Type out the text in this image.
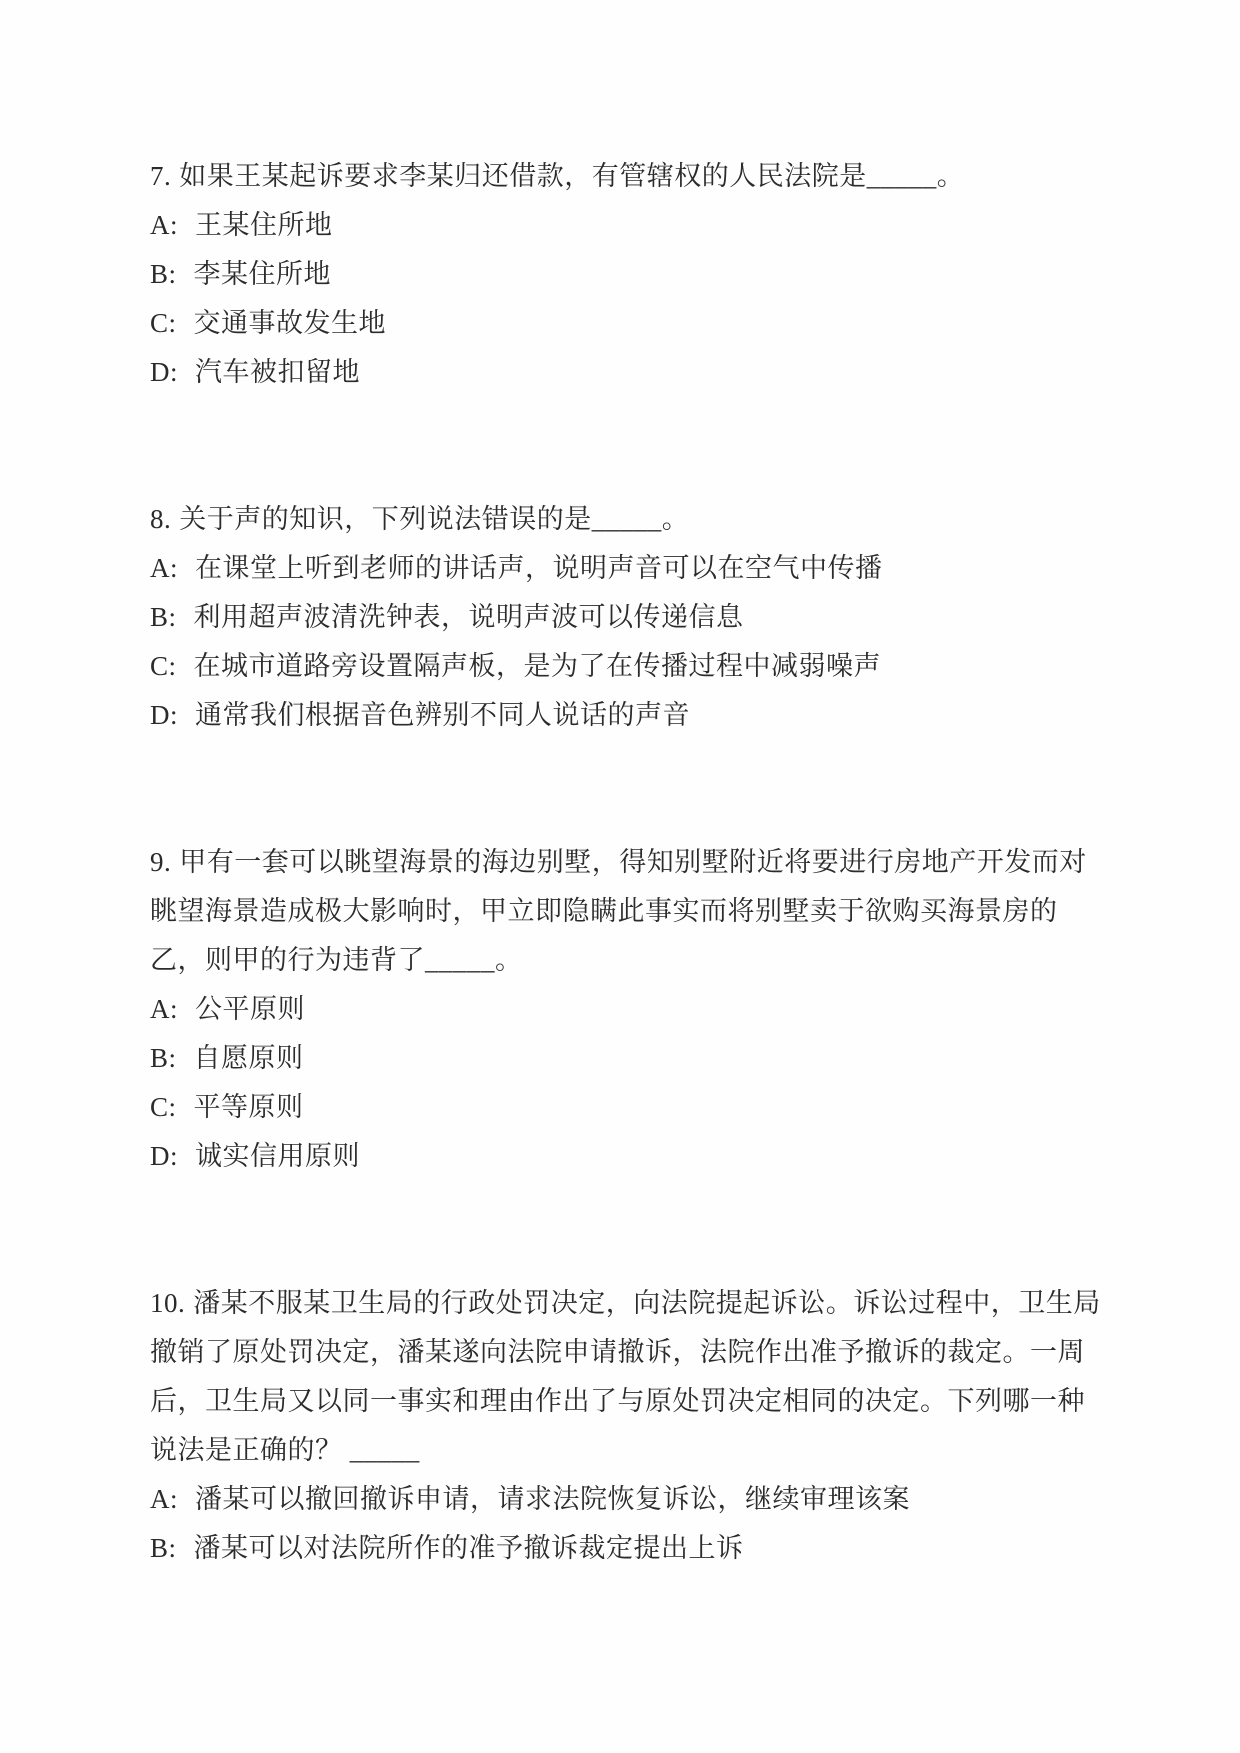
7. 如果王某起诉要求李某归还借款，有管辖权的人民法院是_____。
A: 王某住所地
B: 李某住所地
C: 交通事故发生地
D: 汽车被扣留地
8. 关于声的知识，下列说法错误的是_____。
A: 在课堂上听到老师的讲话声，说明声音可以在空气中传播
B: 利用超声波清洗钟表，说明声波可以传递信息
C: 在城市道路旁设置隔声板，是为了在传播过程中减弱噪声
D: 通常我们根据音色辨别不同人说话的声音
9. 甲有一套可以眺望海景的海边别墅，得知别墅附近将要进行房地产开发而对
眺望海景造成极大影响时，甲立即隐瞒此事实而将别墅卖于欲购买海景房的
乙，则甲的行为违背了_____。
A: 公平原则
B: 自愿原则
C: 平等原则
D: 诚实信用原则
10. 潘某不服某卫生局的行政处罚决定，向法院提起诉讼。诉讼过程中，卫生局
撤销了原处罚决定，潘某遂向法院申请撤诉，法院作出准予撤诉的裁定。一周
后，卫生局又以同一事实和理由作出了与原处罚决定相同的决定。下列哪一种
说法是正确的？ _____
A: 潘某可以撤回撤诉申请，请求法院恢复诉讼，继续审理该案
B: 潘某可以对法院所作的准予撤诉裁定提出上诉
